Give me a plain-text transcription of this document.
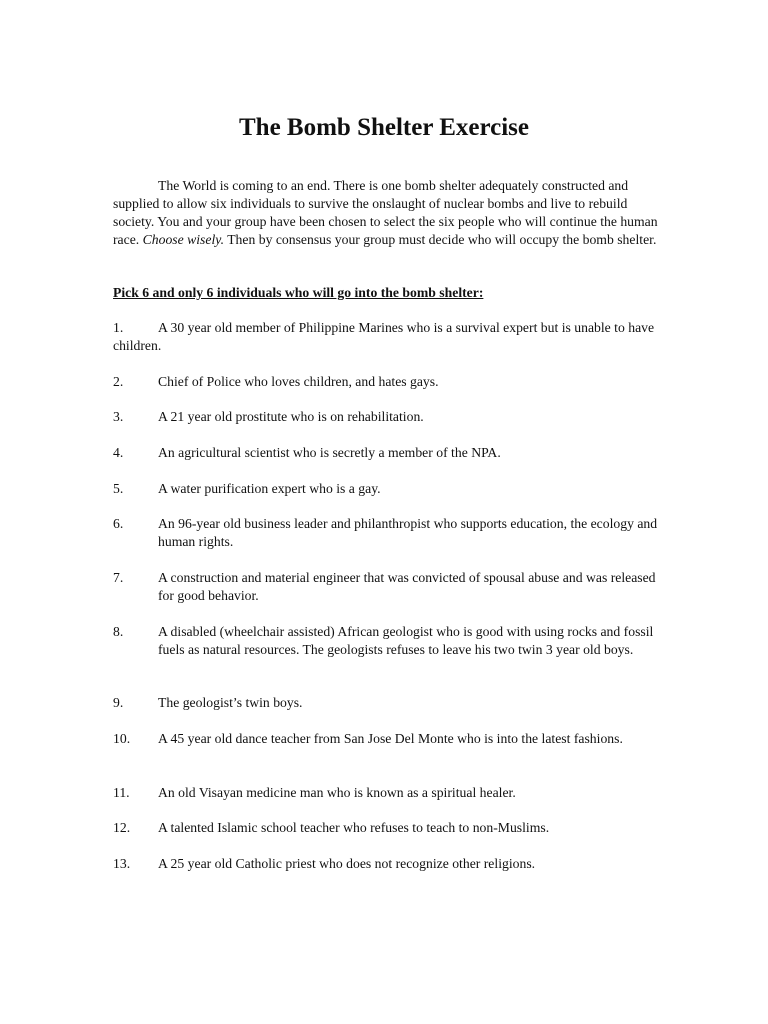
The Bomb Shelter Exercise

The World is coming to an end. There is one bomb shelter adequately constructed and supplied to allow six individuals to survive the onslaught of nuclear bombs and live to rebuild society. You and your group have been chosen to select the six people who will continue the human race. Choose wisely. Then by consensus your group must decide who will occupy the bomb shelter.

Pick 6 and only 6 individuals who will go into the bomb shelter:
1.	A 30 year old member of Philippine Marines who is a survival expert but is unable to have children.
2.	Chief of Police who loves children, and hates gays.
3.	A 21 year old prostitute who is on rehabilitation.
4.	An agricultural scientist who is secretly a member of the NPA.
5.	A water purification expert who is a gay.
6.	An 96-year old business leader and philanthropist who supports education, the ecology and human rights.
7.	A construction and material engineer that was convicted of spousal abuse and was released for good behavior.
8.	A disabled (wheelchair assisted) African geologist who is good with using rocks and fossil fuels as natural resources. The geologists refuses to leave his two twin 3 year old boys.
9.	The geologist’s twin boys.
10. A 45 year old dance teacher from San Jose Del Monte who is into the latest fashions.
11. An old Visayan medicine man who is known as a spiritual healer.
12. A talented Islamic school teacher who refuses to teach to non-Muslims.
13. A 25 year old Catholic priest who does not recognize other religions.
